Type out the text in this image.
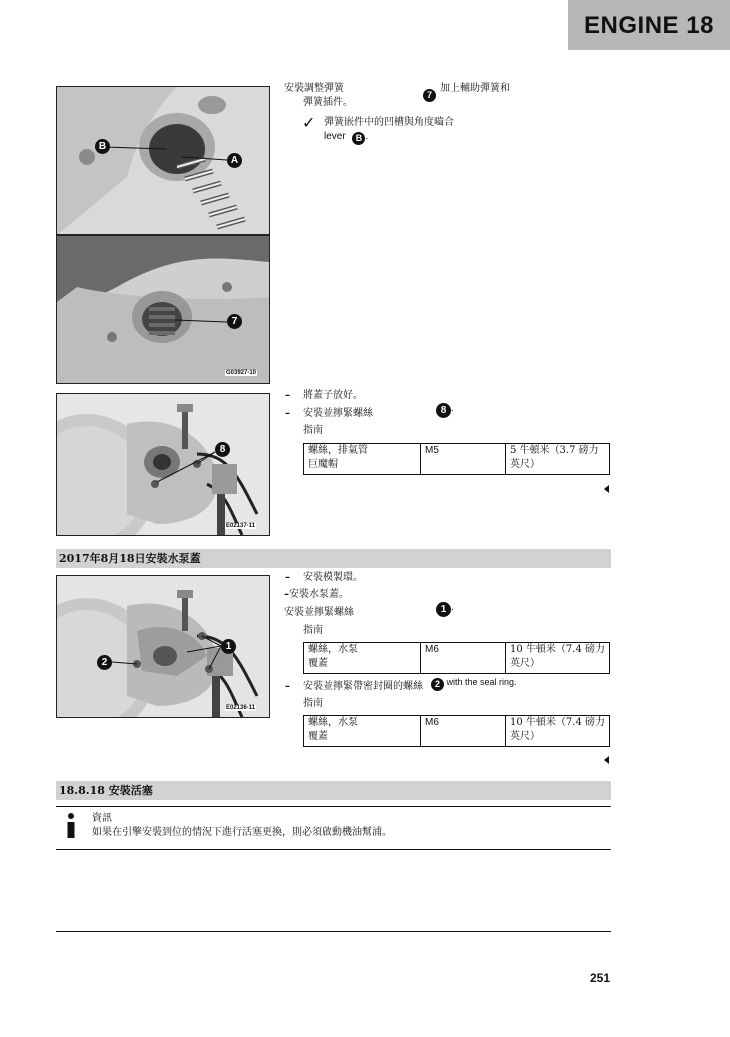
ENGINE 18
B
A
7
G03927-10
安裝調整彈簧
7
加上輔助彈簧和
彈簧插件。
✓ 彈簧嵌件中的凹槽與角度嚙合
lever B .
8
E02137-11
– 將蓋子放好。
– 安裝並擰緊螺絲	8 .
指南
螺絲，排氣管
巨魔帽	M5	5 牛頓米（3.7 磅力英尺）
2017年8月18日安裝水泵蓋
1
2
E02136-11
– 安裝模製環。
–安裝水泵蓋。
安裝並擰緊螺絲	1 .
指南
螺絲，水泵
覆蓋	M6	10 牛頓米（7.4 磅力英尺）
– 安裝並擰緊帶密封圈的螺絲	2 with the seal ring.
指南
螺絲，水泵
覆蓋	M6	10 牛頓米（7.4 磅力英尺）
18.8.18 安裝活塞
資訊
如果在引擎安裝到位的情況下進行活塞更換，則必須啟動機油幫浦。
251
